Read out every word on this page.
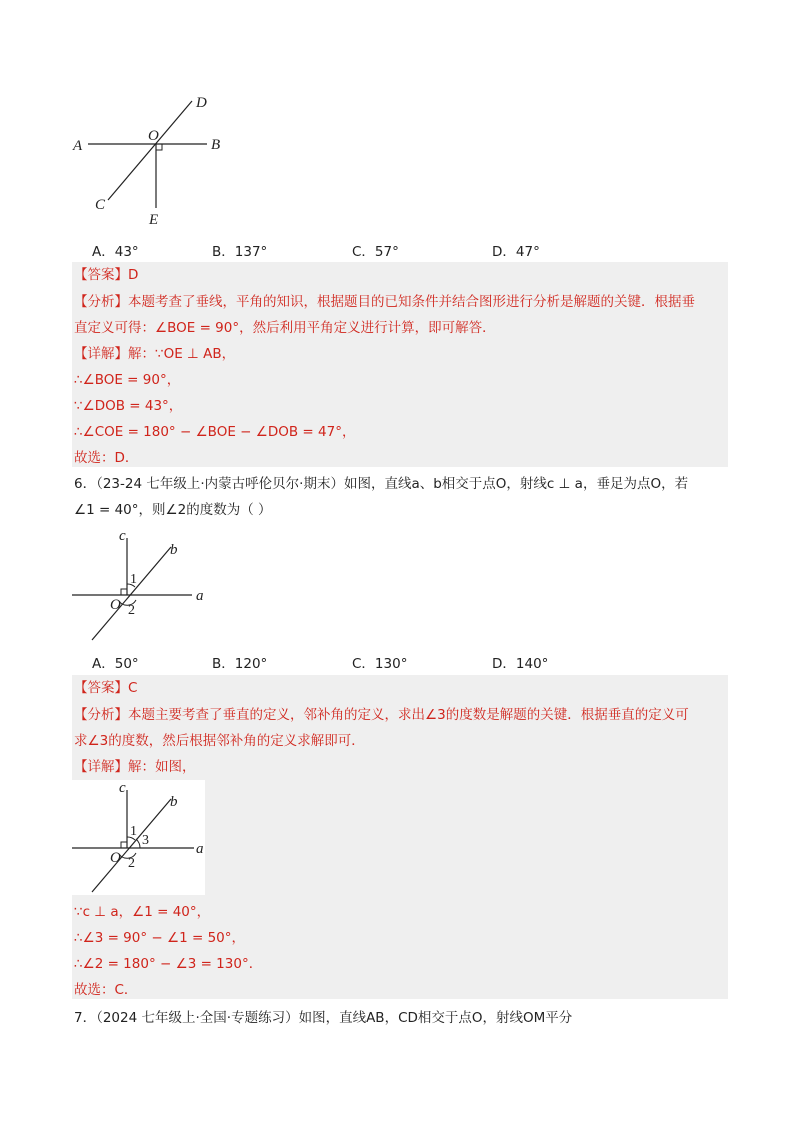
A	B
O
D
C
E
A．43°	B．137°	C．57°	D．47°
【答案】D
【分析】本题考查了垂线，平角的知识，根据题目的已知条件并结合图形进行分析是解题的关键．根据垂
直定义可得：∠BOE = 90°，然后利用平角定义进行计算，即可解答．
【详解】解：∵OE ⊥ AB，
∴∠BOE = 90°，
∵∠DOB = 43°，
∴∠COE = 180° − ∠BOE − ∠DOB = 47°，
故选：D．
6．（23-24 七年级上·内蒙古呼伦贝尔·期末）如图，直线a、b相交于点O，射线c ⊥ a，垂足为点O，若
∠1 = 40°，则∠2的度数为（ ）
c
b
a
O
1
2
A．50°	B．120°	C．130°	D．140°
【答案】C
【分析】本题主要考查了垂直的定义，邻补角的定义，求出∠3的度数是解题的关键．根据垂直的定义可
求∠3的度数，然后根据邻补角的定义求解即可．
【详解】解：如图，
c
b
a
O
1
2
3
∵c ⊥ a，∠1 = 40°，
∴∠3 = 90° − ∠1 = 50°，
∴∠2 = 180° − ∠3 = 130°．
故选：C．
7．（2024 七年级上·全国·专题练习）如图，直线AB，CD相交于点O，射线OM平分
